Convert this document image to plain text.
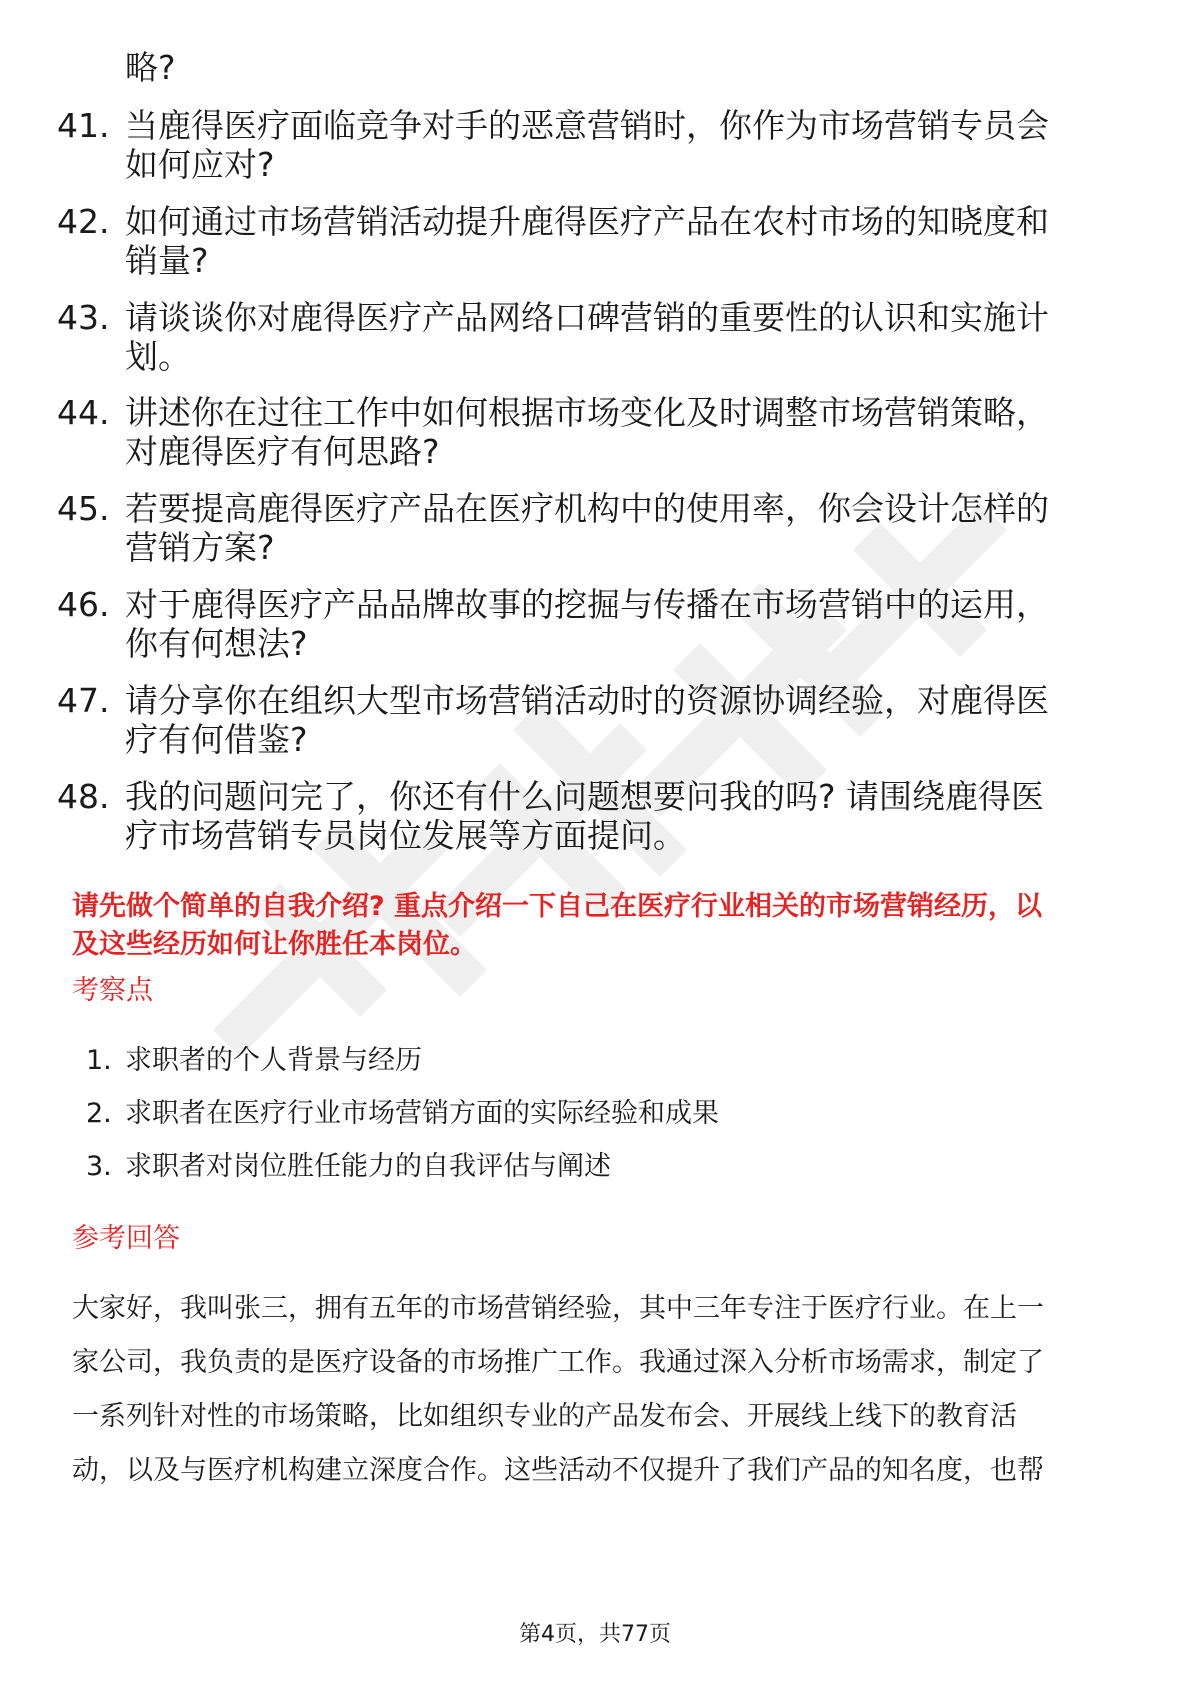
略?
41. 当鹿得医疗面临竞争对手的恶意营销时，你作为市场营销专员会
如何应对?
42. 如何通过市场营销活动提升鹿得医疗产品在农村市场的知晓度和
销量?
43. 请谈谈你对鹿得医疗产品网络口碑营销的重要性的认识和实施计
划。
44. 讲述你在过往工作中如何根据市场变化及时调整市场营销策略，
对鹿得医疗有何思路?
45. 若要提高鹿得医疗产品在医疗机构中的使用率，你会设计怎样的
营销方案?
46. 对于鹿得医疗产品品牌故事的挖掘与传播在市场营销中的运用，
你有何想法?
47. 请分享你在组织大型市场营销活动时的资源协调经验，对鹿得医
疗有何借鉴?
48. 我的问题问完了，你还有什么问题想要问我的吗? 请围绕鹿得医
疗市场营销专员岗位发展等方面提问。
请先做个简单的自我介绍? 重点介绍一下自己在医疗行业相关的市场营销经历，以
及这些经历如何让你胜任本岗位。
考察点
1. 求职者的个人背景与经历
2. 求职者在医疗行业市场营销方面的实际经验和成果
3. 求职者对岗位胜任能力的自我评估与阐述
参考回答
大家好，我叫张三，拥有五年的市场营销经验，其中三年专注于医疗行业。在上一
家公司，我负责的是医疗设备的市场推广工作。我通过深入分析市场需求，制定了
一系列针对性的市场策略，比如组织专业的产品发布会、开展线上线下的教育活
动，以及与医疗机构建立深度合作。这些活动不仅提升了我们产品的知名度，也帮
第4页，共77页
